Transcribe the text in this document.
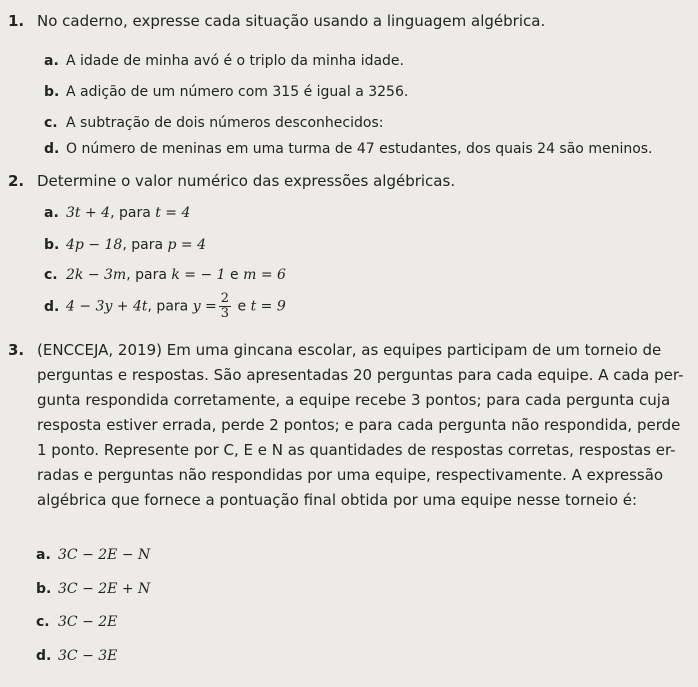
1. No caderno, expresse cada situação usando a linguagem algébrica.
a. A idade de minha avó é o triplo da minha idade.
b. A adição de um número com 315 é igual a 3256.
c. A subtração de dois números desconhecidos:
d. O número de meninas em uma turma de 47 estudantes, dos quais 24 são meninos.
2. Determine o valor numérico das expressões algébricas.
a. 3t + 4, para t = 4
b. 4p − 18, para p = 4
c. 2k − 3m, para k = − 1 e m = 6
d. 4 − 3y + 4t, para $y = \frac{2}{3}$ e t = 9
3. (ENCCEJA, 2019) Em uma gincana escolar, as equipes participam de um torneio de
perguntas e respostas. São apresentadas 20 perguntas para cada equipe. A cada per-
gunta respondida corretamente, a equipe recebe 3 pontos; para cada pergunta cuja
resposta estiver errada, perde 2 pontos; e para cada pergunta não respondida, perde
1 ponto. Represente por C, E e N as quantidades de respostas corretas, respostas er-
radas e perguntas não respondidas por uma equipe, respectivamente. A expressão
algébrica que fornece a pontuação final obtida por uma equipe nesse torneio é:
a. 3C − 2E − N
b. 3C − 2E + N
c. 3C − 2E
d. 3C − 3E
